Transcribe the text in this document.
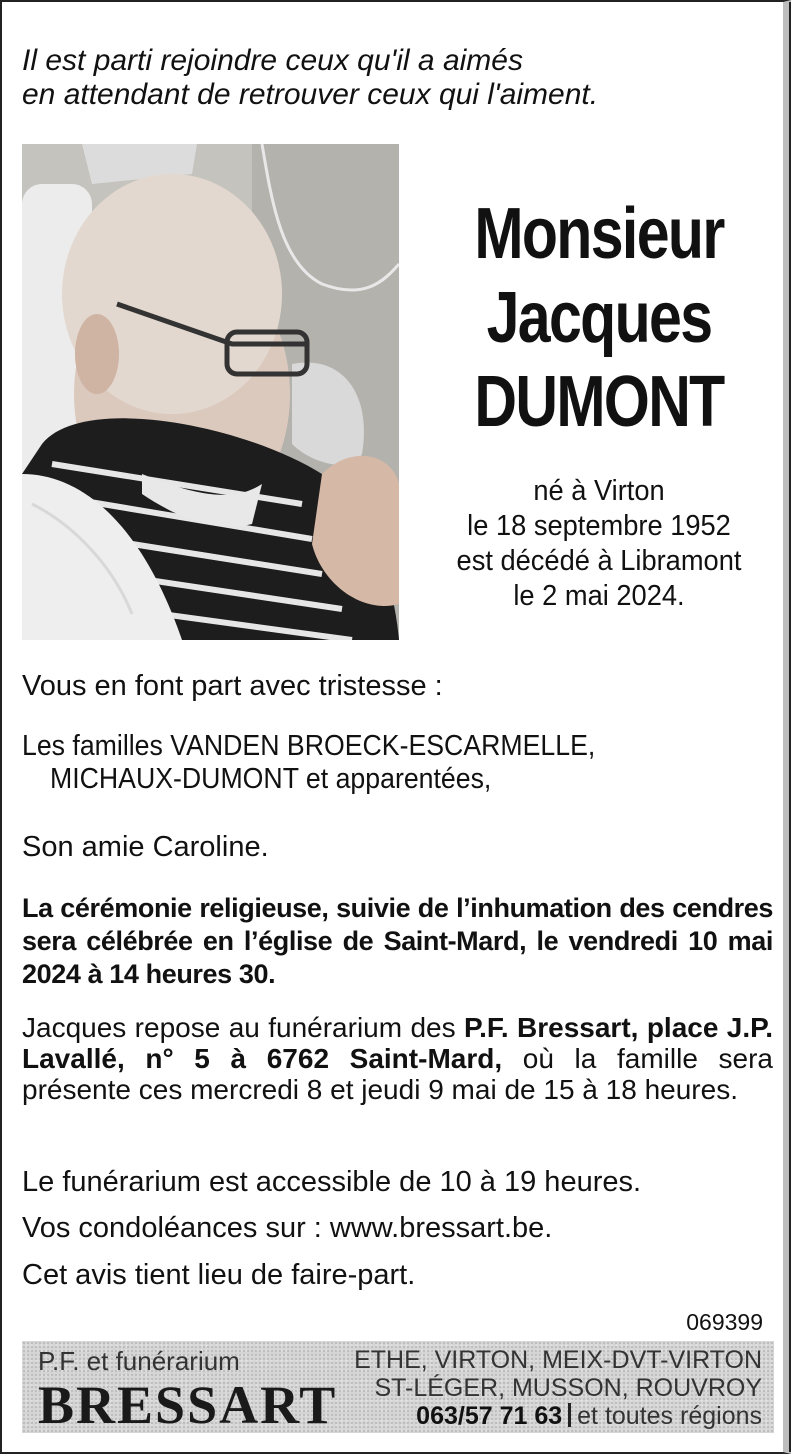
Il est parti rejoindre ceux qu'il a aimés
en attendant de retrouver ceux qui l'aiment.
Monsieur
Jacques
DUMONT
né à Virton
le 18 septembre 1952
est décédé à Libramont
le 2 mai 2024.
Vous en font part avec tristesse :
Les familles VANDEN BROECK-ESCARMELLE,
MICHAUX-DUMONT et apparentées,
Son amie Caroline.
La cérémonie religieuse, suivie de l’inhumation des cendres sera célébrée en l’église de Saint-Mard, le vendredi 10 mai 2024 à 14 heures 30.
Jacques repose au funérarium des P.F. Bressart, place J.P. Lavallé, n° 5 à 6762 Saint-Mard, où la famille sera présente ces mercredi 8 et jeudi 9 mai de 15 à 18 heures.
Le funérarium est accessible de 10 à 19 heures.
Vos condoléances sur : www.bressart.be.
Cet avis tient lieu de faire-part.
069399
P.F. et funérarium
BRESSART
ETHE, VIRTON, MEIX-DVT-VIRTON
ST-LÉGER, MUSSON, ROUVROY
063/57 71 63 et toutes régions
